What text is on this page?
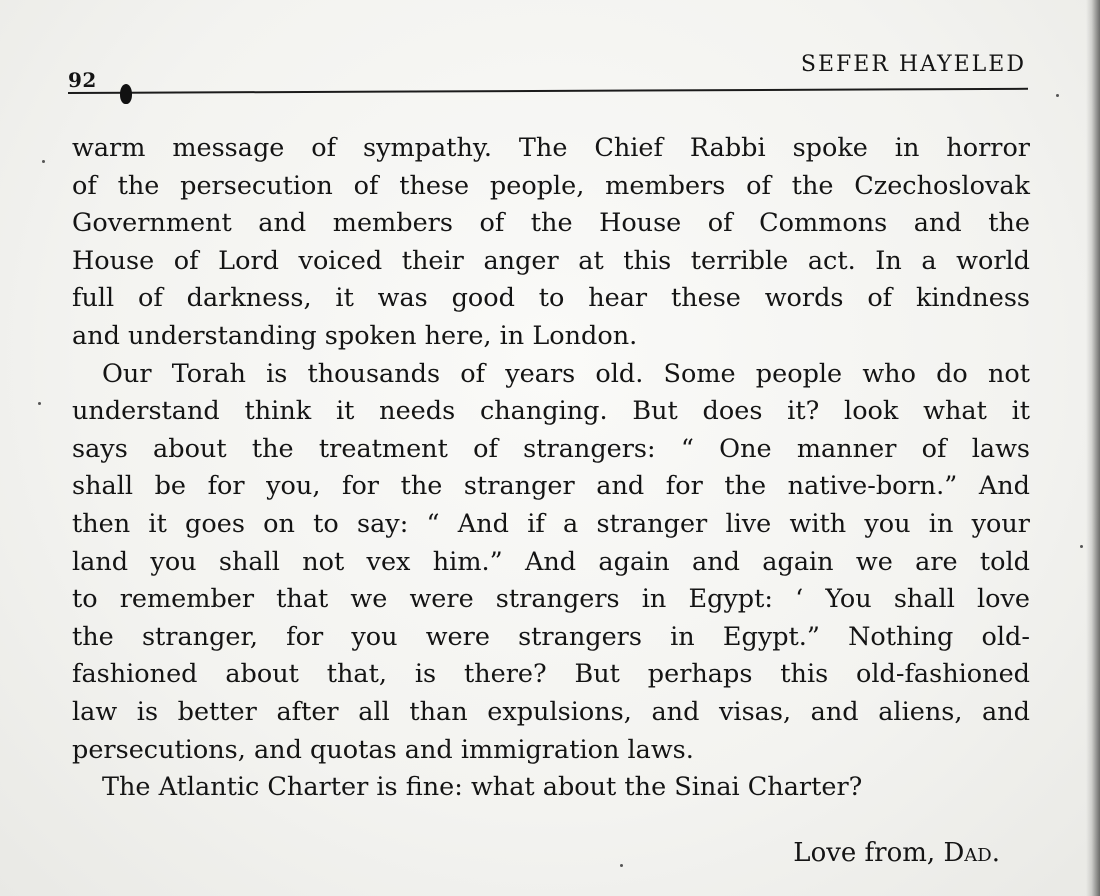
92
SEFER HAYELED
warm message of sympathy. The Chief Rabbi spoke in horror
of the persecution of these people, members of the Czechoslovak
Government and members of the House of Commons and the
House of Lord voiced their anger at this terrible act. In a world
full of darkness, it was good to hear these words of kindness
and understanding spoken here, in London.
Our Torah is thousands of years old. Some people who do not
understand think it needs changing. But does it? look what it
says about the treatment of strangers: “ One manner of laws
shall be for you, for the stranger and for the native-born.” And
then it goes on to say: “ And if a stranger live with you in your
land you shall not vex him.” And again and again we are told
to remember that we were strangers in Egypt: ‘ You shall love
the stranger, for you were strangers in Egypt.” Nothing old-
fashioned about that, is there? But perhaps this old-fashioned
law is better after all than expulsions, and visas, and aliens, and
persecutions, and quotas and immigration laws.
The Atlantic Charter is fine: what about the Sinai Charter?
Love from, Dad.
